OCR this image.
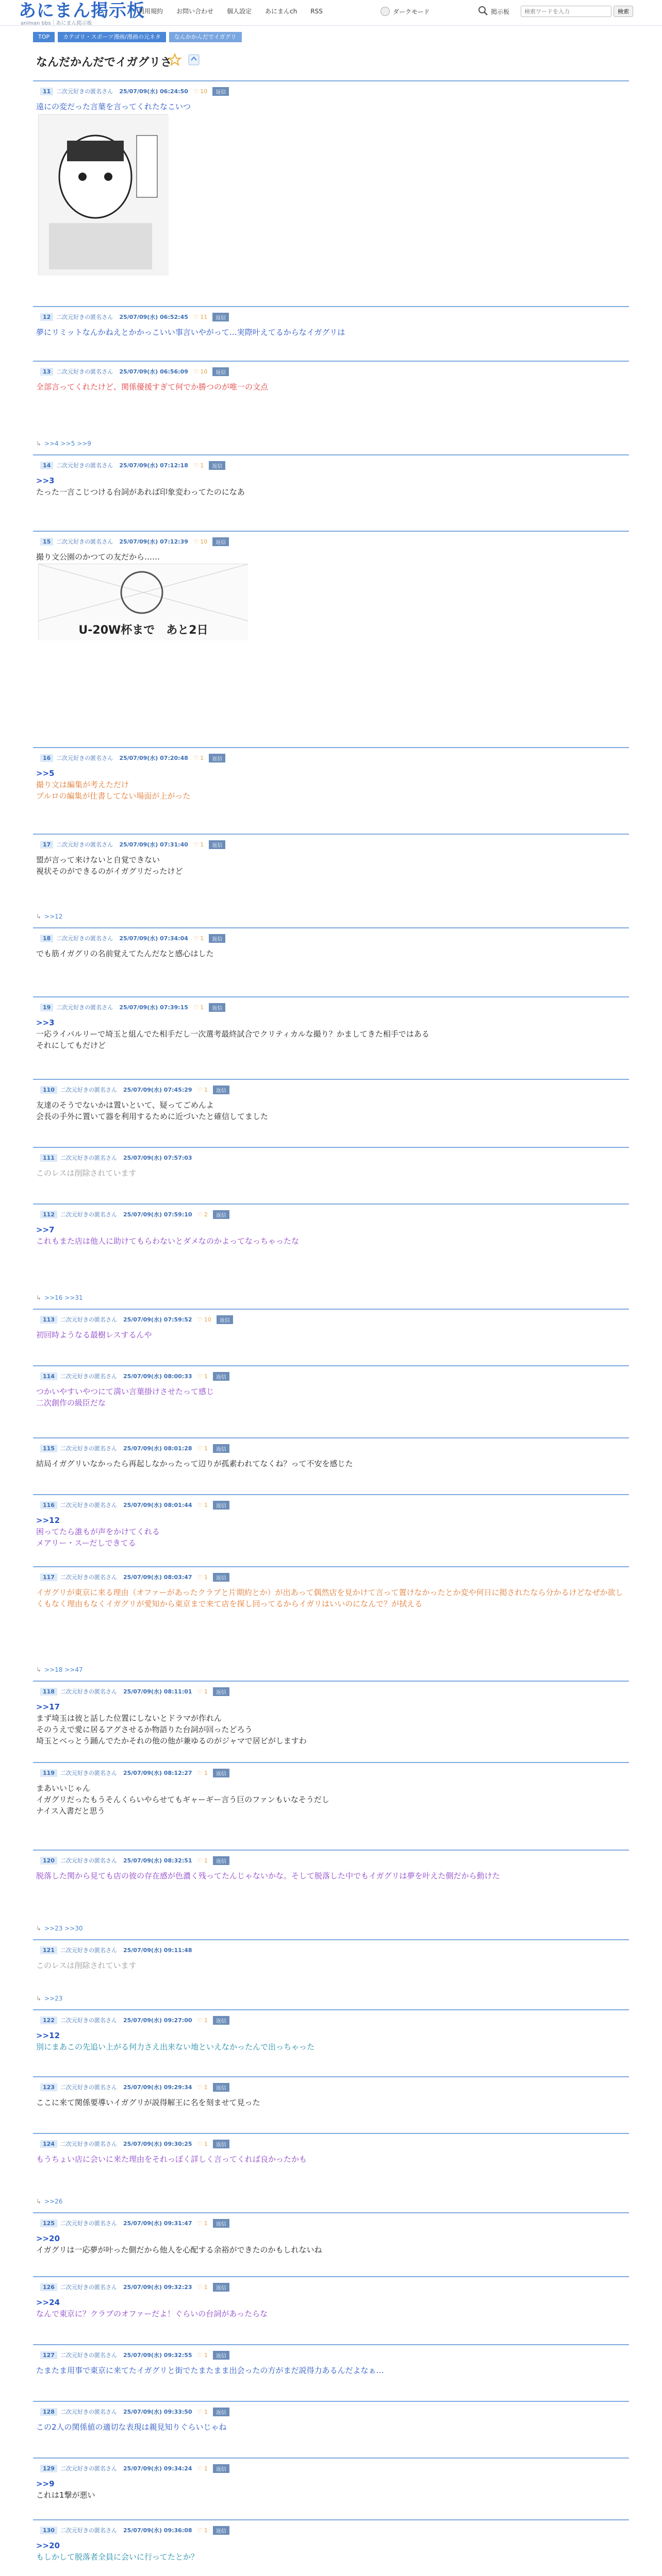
あにまん掲示板
animan bbs｜あにまん掲示板
利用規約 お問い合わせ 個人設定 あにまんch RSS	ダークモード	掲示板
検索ワードを入力	検索
TOP	カテゴリ・スポーツ漫画/漫画の元ネタ	なんかかんだでイガグリ
なんだかんだでイガグリさ
11	二次元好きの匿名さん 25/07/09(水) 06:24:50 ♡ 10	返信
遠にの変だった言葉を言ってくれたなこいつ
12	二次元好きの匿名さん 25/07/09(水) 06:52:45 ♡ 11	返信
夢にリミットなんかねえとかかっこいい事言いやがって…実際叶えてるからなイガグリは
13	二次元好きの匿名さん 25/07/09(水) 06:56:09 ♡ 10	返信
全部言ってくれたけど、関係優援すぎて何でか勝つのが唯一の文点
↳ >>4 >>5 >>9
14	二次元好きの匿名さん 25/07/09(水) 07:12:18 ♡ 1	返信
>>3
たった一言こじつける台詞があれば印象変わってたのになあ
15	二次元好きの匿名さん 25/07/09(水) 07:12:39 ♡ 10	返信
撮り文公園のかつての友だから……
U-20W杯まで　あと2日
16	二次元好きの匿名さん 25/07/09(水) 07:20:48 ♡ 1	返信
>>5
撮り文は編集が考えただけ
プルロの編集が仕書してない場面が上がった
17	二次元好きの匿名さん 25/07/09(水) 07:31:40 ♡ 1	返信
盟が言って来けないと自覚できない
視状そのができるのがイガグリだったけど
↳ >>12
18	二次元好きの匿名さん 25/07/09(水) 07:34:04 ♡ 1	返信
でも筋イガグリの名前覚えてたんだなと感心はした
19	二次元好きの匿名さん 25/07/09(水) 07:39:15 ♡ 1	返信
>>3
一応ライバルリーで埼玉と組んでた相手だし一次選考最終試合でクリティカルな撮り？かましてきた相手ではある
それにしてもだけど
110	二次元好きの匿名さん 25/07/09(水) 07:45:29 ♡ 1	返信
友達のそうでないかは置いといて、疑ってごめんよ
会長の手外に置いて器を利用するために近づいたと確信してました
111	二次元好きの匿名さん 25/07/09(水) 07:57:03
このレスは削除されています
112	二次元好きの匿名さん 25/07/09(水) 07:59:10 ♡ 2	返信
>>7
これもまた店は他人に助けてもらわないとダメなのかよってなっちゃったな
↳ >>16 >>31
113	二次元好きの匿名さん 25/07/09(水) 07:59:52 ♡ 10	返信
初回時ようなる最樹レスするんや
114	二次元好きの匿名さん 25/07/09(水) 08:00:33 ♡ 1	返信
つかいやすいやつにて満い言葉掛けさせたって感じ
二次創作の級臣だな
115	二次元好きの匿名さん 25/07/09(水) 08:01:28 ♡ 1	返信
結局イガグリいなかったら再起しなかったって辺りが孤素われてなくね？って不安を感じた
116	二次元好きの匿名さん 25/07/09(水) 08:01:44 ♡ 1	返信
>>12
困ってたら誰もが声をかけてくれる
メアリー・スーだしできてる
117	二次元好きの匿名さん 25/07/09(水) 08:03:47 ♡ 1	返信
イガグリが東京に来る理由（オファーがあったクラブと片期約とか）が出あって偶然店を見かけて言って置けなかったとか変や何日に掲されたなら分かるけどなぜか欲しくもなく理由もなくイガグリが愛知から東京まで来て店を探し回ってるからイガリはいいのになんで？が拭える
↳ >>18 >>47
118	二次元好きの匿名さん 25/07/09(水) 08:11:01 ♡ 1	返信
>>17
まず埼玉は彼と話した位置にしないとドラマが作れん
そのうえで愛に居るアグさせるか物語りた台詞が回ったどろう
埼玉とベっとう踊んでたかそれの他の他が兼ゆるのがジャマで居ビがしますわ
119	二次元好きの匿名さん 25/07/09(水) 08:12:27 ♡ 1	返信
まあいいじゃん
イガグリだったもうそんくらいやらせてもギャーギー言う巨のファンもいなそうだし
ナイス入書だと思う
120	二次元好きの匿名さん 25/07/09(水) 08:32:51 ♡ 1	返信
脱落した関から見ても店の彼の存在感が色濃く残ってたんじゃないかな。そして脱落した中でもイガグリは夢を叶えた側だから動けた
↳ >>23 >>30
121	二次元好きの匿名さん 25/07/09(水) 09:11:48
このレスは削除されています
↳ >>23
122	二次元好きの匿名さん 25/07/09(水) 09:27:00 ♡ 1	返信
>>12
別にまあこの先追い上がる何力さえ出来ない地といえなかったんで出っちゃった
123	二次元好きの匿名さん 25/07/09(水) 09:29:34 ♡ 1	返信
ここに来て関係要導いイガグリが説得解王に名を刻ませて見った
124	二次元好きの匿名さん 25/07/09(水) 09:30:25 ♡ 1	返信
もうちょい店に会いに来た理由をそれっぽく詳しく言ってくれば良かったかも
↳ >>26
125	二次元好きの匿名さん 25/07/09(水) 09:31:47 ♡ 1	返信
>>20
イガグリは一応夢が叶った側だから他人を心配する余裕ができたのかもしれないね
126	二次元好きの匿名さん 25/07/09(水) 09:32:23 ♡ 1	返信
>>24
なんで東京に？クラブのオファーだよ！ぐらいの台詞があったらな
127	二次元好きの匿名さん 25/07/09(水) 09:32:55 ♡ 1	返信
たまたま用事で東京に来てたイガグリと街でたまたまま出会ったの方がまだ説得力あるんだよなぁ…
128	二次元好きの匿名さん 25/07/09(水) 09:33:50 ♡ 1	返信
この2人の関係値の適切な表現は親見知りぐらいじゃね
129	二次元好きの匿名さん 25/07/09(水) 09:34:24 ♡ 1	返信
>>9
これは1撃が悪い
130	二次元好きの匿名さん 25/07/09(水) 09:36:08 ♡ 1	返信
>>20
もしかして脱落者全員に会いに行ってたとか？
